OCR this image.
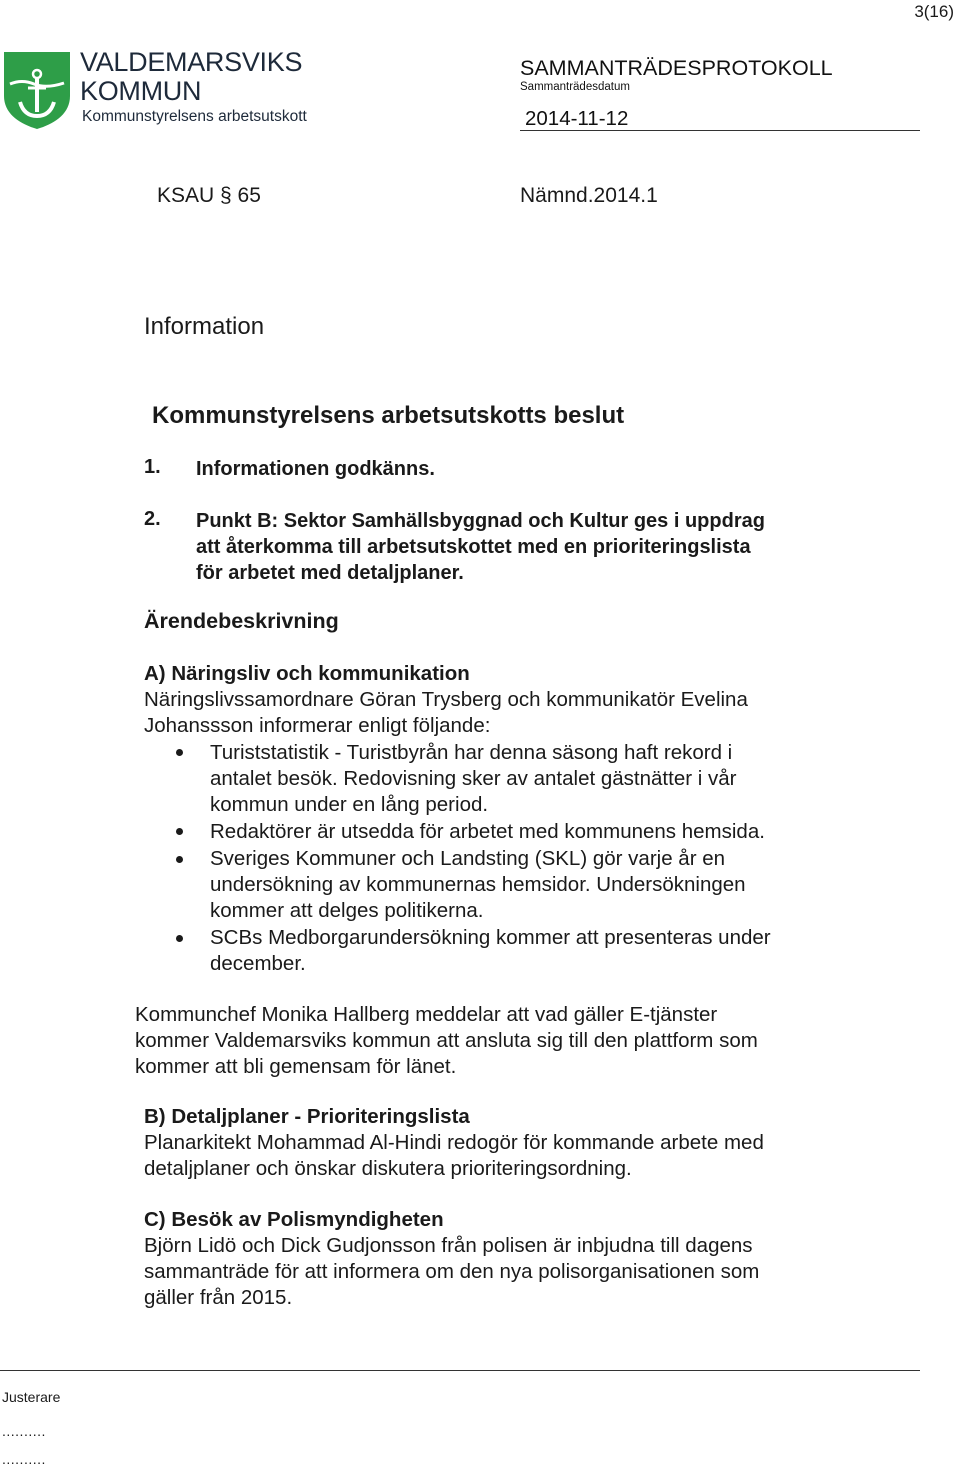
3(16)
VALDEMARSVIKS
KOMMUN
Kommunstyrelsens arbetsutskott
SAMMANTRÄDESPROTOKOLL
Sammanträdesdatum
2014-11-12
KSAU § 65	Nämnd.2014.1
Information
Kommunstyrelsens arbetsutskotts beslut
1. Informationen godkänns.
2. Punkt B: Sektor Samhällsbyggnad och Kultur ges i uppdrag
att återkomma till arbetsutskottet med en prioriteringslista
för arbetet med detaljplaner.
Ärendebeskrivning
A) Näringsliv och kommunikation
Näringslivssamordnare Göran Trysberg och kommunikatör Evelina
Johanssson informerar enligt följande:
Turiststatistik - Turistbyrån har denna säsong haft rekord i
antalet besök. Redovisning sker av antalet gästnätter i vår
kommun under en lång period.
Redaktörer är utsedda för arbetet med kommunens hemsida.
Sveriges Kommuner och Landsting (SKL) gör varje år en
undersökning av kommunernas hemsidor. Undersökningen
kommer att delges politikerna.
SCBs Medborgarundersökning kommer att presenteras under
december.
Kommunchef Monika Hallberg meddelar att vad gäller E-tjänster
kommer Valdemarsviks kommun att ansluta sig till den plattform som
kommer att bli gemensam för länet.
B) Detaljplaner - Prioriteringslista
Planarkitekt Mohammad Al-Hindi redogör för kommande arbete med
detaljplaner och önskar diskutera prioriteringsordning.
C) Besök av Polismyndigheten
Björn Lidö och Dick Gudjonsson från polisen är inbjudna till dagens
sammanträde för att informera om den nya polisorganisationen som
gäller från 2015.
Justerare
..........
..........
